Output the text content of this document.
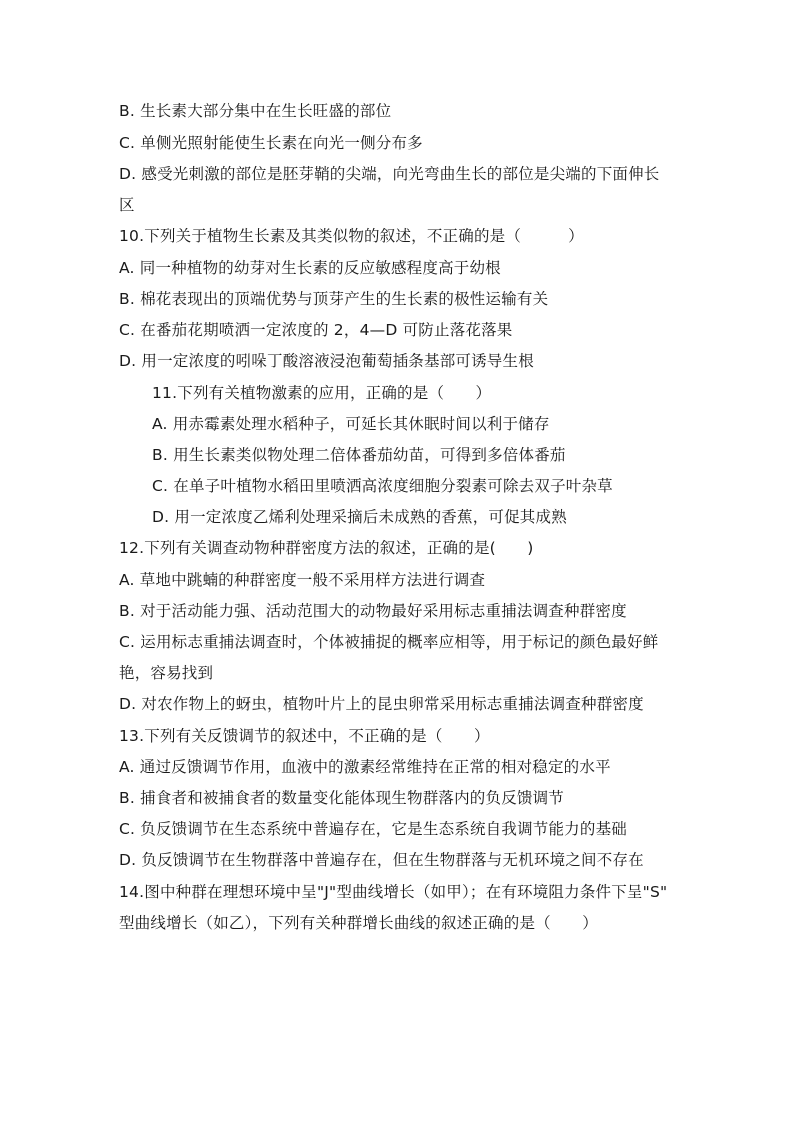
B. 生长素大部分集中在生长旺盛的部位
C. 单侧光照射能使生长素在向光一侧分布多
D. 感受光刺激的部位是胚芽鞘的尖端，向光弯曲生长的部位是尖端的下面伸长
区
10.下列关于植物生长素及其类似物的叙述，不正确的是（　　　）
A. 同一种植物的幼芽对生长素的反应敏感程度高于幼根
B. 棉花表现出的顶端优势与顶芽产生的生长素的极性运输有关
C. 在番茄花期喷洒一定浓度的 2，4—D 可防止落花落果
D. 用一定浓度的吲哚丁酸溶液浸泡葡萄插条基部可诱导生根
11.下列有关植物激素的应用，正确的是（　　）
A. 用赤霉素处理水稻种子，可延长其休眠时间以利于储存
B. 用生长素类似物处理二倍体番茄幼苗，可得到多倍体番茄
C. 在单子叶植物水稻田里喷洒高浓度细胞分裂素可除去双子叶杂草
D. 用一定浓度乙烯利处理采摘后未成熟的香蕉，可促其成熟
12.下列有关调查动物种群密度方法的叙述，正确的是(　　)
A. 草地中跳蝻的种群密度一般不采用样方法进行调查
B. 对于活动能力强、活动范围大的动物最好采用标志重捕法调查种群密度
C. 运用标志重捕法调查时，个体被捕捉的概率应相等，用于标记的颜色最好鲜
艳，容易找到
D. 对农作物上的蚜虫，植物叶片上的昆虫卵常采用标志重捕法调查种群密度
13.下列有关反馈调节的叙述中，不正确的是（　　）
A. 通过反馈调节作用，血液中的激素经常维持在正常的相对稳定的水平
B. 捕食者和被捕食者的数量变化能体现生物群落内的负反馈调节
C. 负反馈调节在生态系统中普遍存在，它是生态系统自我调节能力的基础
D. 负反馈调节在生物群落中普遍存在，但在生物群落与无机环境之间不存在
14.图中种群在理想环境中呈"J"型曲线增长（如甲）；在有环境阻力条件下呈"S"
型曲线增长（如乙），下列有关种群增长曲线的叙述正确的是（　　）
